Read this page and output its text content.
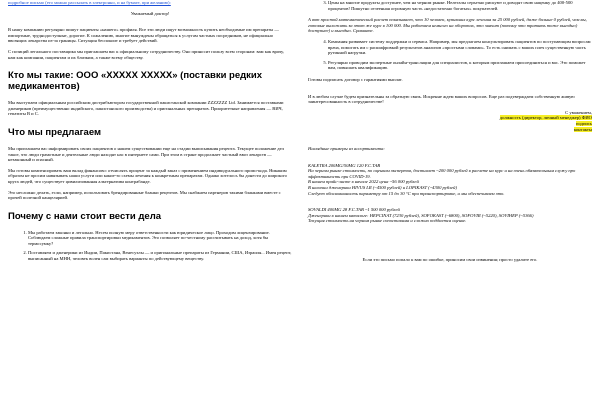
подробное письмо (его можно рассылать в электронно, и на бумаге, при желанию):

Уважаемый доктор!

В нашу компанию регулярно пишут пациенты «нашего» профиля. Все эти люди ищут возможность купить необходимые им препараты — импортные, труднодоступные, дорогие. К сожалению, многие вынуждены обращаться к услугам частных посредников, не официально ввозящих лекарства из-за границы. Ситуация беспокоит и требует действий.

С позиций легального поставщика мы приглашаем вас к официальному сотрудничеству. Оно приносит пользу всем сторонам: вам как врачу, нам как компании, пациентам и их близким, а также всему обществу.

Кто мы такие: ООО «ХХХХХ ХХХХХ» (поставки редких медикаментов)

Мы выступаем официальным российским дистрибьютором государственной пакистанской компании ZZZZZZZ Ltd. Занимается поставками дженериков (преимущественно индийского, пакистанского производства) и оригинальных препаратов. Приоритетные направления — ВИЧ, гепатиты В и С.

Что мы предлагаем

Мы приглашаем вас информировать своих пациентов о нашем существовании еще на стадии выписывания рецепта. Текущее положение дел такое, что люди грамотные и деятельные люди находят нас в интернете сами. При этом в стране продолжает частный ввоз лекарств — незаконный и опасный.

Мы готовы компенсировать ваш вклад финансово: отчислять процент за каждый заказ с применением индивидуального промо-кода. Никаким образом не просим навязывать наши услуги или какие-то схемы лечения к конкретным препаратам. Однако хотелось бы донести до широкого круга людей, что существует цивилизованная альтернатива контрабанде.

Это несложно делать, если, например, использовать брендированные бланки рецептов. Мы снабжаем партнеров такими бланками вместе с прочей полезной канцелярией.

Почему с нами стоит вести дела
1. Мы работаем законно и легально. Несем полную меру ответственности как юридическое лицо. Проходим лицензирование. Соблюдаем сложные правила транспортировки медикаментов. Это позволяет по-честному рассчитывать на доход, хотя бы термосумку?
2. Поставляем и дженерики из Индии, Пакистана, Венесуэлы — и оригинальные препараты из Германии, США, Израиля... Имея рецепт, выписанный на МНН, человек волен сам выбирать варианты по действующему веществу.
3. Цены на многие продукты доступнее, чем на черном рынке. Нелегалы серьезно рискуют и доводят свою наценку до 400-500 процентов! Пишутно отзеенная огромную часть «недостаточно богатых» покупателей.

А вот простой математический расчет показывает, что 10 человек, купивших курс лечения за 25 000 рублей, даже больше 0 рублей, чем вы, готовые выложить за этот же курс в 100 000. Мы работаем немного на оборотах, это значит (потому что тратить тоже выгодно) доступнее) и выгодно. Сравните.

4. Компания развивает систему поддержки и сервиса. Например, мы предлагаем консультировать пациентов по поступающим вопросам врача, помогать им с расшифровкой результатов анализов «простыми словами». То есть снимать с ваших плеч существенную часть рутинной нагрузки.
5. Регулярно проводим экспертные онлайн-трансляции для специалистов, к которым приглашаем присоединиться и вас. Это поможет вам, повышать квалификацию.

Готовы подписать договор с гарантиями выплат.

И в любом случае будем признательны за обратную связь. Искренне ждем ваших вопросов. Еще раз подтверждаем собственную живую заинтересованность в сотрудничестве!

С уважением,

должность (директор, личный менеджер) ФИО

подпись

контакты

Наглядные примеры из ассортимента:

KALETRA 200MG/50MG 120 F.C.TAB
На черном рынке стоимость, по оценкам экспертов, достигает ~200 000 рублей в расчете на курс и на очень обязательным служу про эффективность при COVID-19.
В нашем прайс-листе в начале 2022 цена ~56 000 рублей
В наличии дженерики HIVUS LR (~4500 рублей) и LOPIKAST (~4300 рублей)
Следует обоснованность параметру от 15 до 30 °С при транспортировке, и мы обеспечиваем это.

SOVALDI 400MG 28 F.C.TAB ~1 500 000 рублей
Дженерики в нашем каталоге: HEPCINAT (7230 рублей), SOFOKAST (~6800), SOFOVIR (~5220), SOVIHEP (~5366)
Текущая стоимость на черном рынке сопоставима и сложно поддается оценке.

Если это письмо попало к вам по ошибке, приносим свои извинения; просто удалите его.
